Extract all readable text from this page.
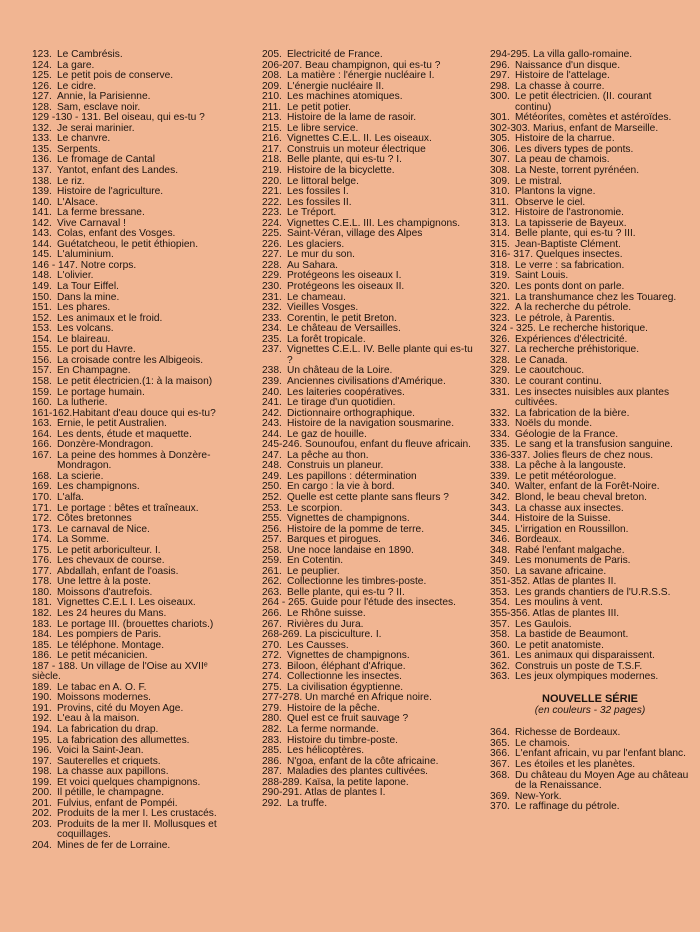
123. Le Cambrésis.
124. La gare.
125. Le petit pois de conserve.
126. Le cidre.
127. Annie, la Parisienne.
128. Sam, esclave noir.
129 -130 - 131. Bel oiseau, qui es-tu ?
132. Je serai marinier.
133. Le chanvre.
135. Serpents.
136. Le fromage de Cantal
137. Yantot, enfant des Landes.
138. Le riz.
139. Histoire de l'agriculture.
140. L'Alsace.
141. La ferme bressane.
142. Vive Carnaval !
143. Colas, enfant des Vosges.
144. Guétatcheou, le petit éthiopien.
145. L'aluminium.
146 - 147. Notre corps.
148. L'olivier.
149. La Tour Eiffel.
150. Dans la mine.
151. Les phares.
152. Les animaux et le froid.
153. Les volcans.
154. Le blaireau.
155. Le port du Havre.
156. La croisade contre les Albigeois.
157. En Champagne.
158. Le petit électricien.(1: à la maison)
159. Le portage humain.
160. La lutherie.
161-162.Habitant d'eau douce qui es-tu?
163. Ernie, le petit Australien.
164. Les dents, étude et maquette.
166. Donzère-Mondragon.
167. La peine des hommes à Donzère-Mondragon.
168. La scierie.
169. Les champignons.
170. L'alfa.
171. Le portage : bêtes et traîneaux.
172. Côtes bretonnes
173. Le carnaval de Nice.
174. La Somme.
175. Le petit arboriculteur. I.
176. Les chevaux de course.
177. Abdallah, enfant de l'oasis.
178. Une lettre à la poste.
180. Moissons d'autrefois.
181. Vignettes C.E.L I. Les oiseaux.
182. Les 24 heures du Mans.
183. Le portage III. (brouettes chariots.)
184. Les pompiers de Paris.
185. Le téléphone. Montage.
186. Le petit mécanicien.
187 - 188. Un village de l'Oise au XVIIᵉ siècle.
189. Le tabac en A. O. F.
190. Moissons modernes.
191. Provins, cité du Moyen Age.
192. L'eau à la maison.
194. La fabrication du drap.
195. La fabrication des allumettes.
196. Voici la Saint-Jean.
197. Sauterelles et criquets.
198. La chasse aux papillons.
199. Et voici quelques champignons.
200. Il pétille, le champagne.
201. Fulvius, enfant de Pompéi.
202. Produits de la mer I. Les crustacés.
203. Produits de la mer II. Mollusques et coquillages.
204. Mines de fer de Lorraine.
205. Electricité de France.
206-207. Beau champignon, qui es-tu ?
208. La matière : l'énergie nucléaire I.
209. L'énergie nucléaire II.
210. Les machines atomiques.
211. Le petit potier.
213. Histoire de la lame de rasoir.
215. Le libre service.
216. Vignettes C.E.L. II. Les oiseaux.
217. Construis un moteur électrique
218. Belle plante, qui es-tu ? I.
219. Histoire de la bicyclette.
220. Le littoral belge.
221. Les fossiles I.
222. Les fossiles II.
223. Le Tréport.
224. Vignettes C.E.L. III. Les champignons.
225. Saint-Véran, village des Alpes
226. Les glaciers.
227. Le mur du son.
228. Au Sahara.
229. Protégeons les oiseaux I.
230. Protégeons les oiseaux II.
231. Le chameau.
232. Vieilles Vosges.
233. Corentin, le petit Breton.
234. Le château de Versailles.
235. La forêt tropicale.
237. Vignettes C.E.L. IV. Belle plante qui es-tu ?
238. Un château de la Loire.
239. Anciennes civilisations d'Amérique.
240. Les laiteries coopératives.
241. Le tirage d'un quotidien.
242. Dictionnaire orthographique.
243. Histoire de la navigation sousmarine.
244. Le gaz de houille.
245-246. Sounoufou, enfant du fleuve africain.
247. La pêche au thon.
248. Construis un planeur.
249. Les papillons : détermination
250. En cargo : la vie à bord.
252. Quelle est cette plante sans fleurs ?
253. Le scorpion.
255. Vignettes de champignons.
256. Histoire de la pomme de terre.
257. Barques et pirogues.
258. Une noce landaise en 1890.
259. En Cotentin.
261. Le peuplier.
262. Collectionne les timbres-poste.
263. Belle plante, qui es-tu ? II.
264 - 265. Guide pour l'étude des insectes.
266. Le Rhône suisse.
267. Rivières du Jura.
268-269. La pisciculture. I.
270. Les Causses.
272. Vignettes de champignons.
273. Biloon, éléphant d'Afrique.
274. Collectionne les insectes.
275. La civilisation égyptienne.
277-278. Un marché en Afrique noire.
279. Histoire de la pêche.
280. Quel est ce fruit sauvage ?
282. La ferme normande.
283. Histoire du timbre-poste.
285. Les hélicoptères.
286. N'goa, enfant de la côte africaine.
287. Maladies des plantes cultivées.
288-289. Kaïsa, la petite lapone.
290-291. Atlas de plantes I.
292. La truffe.
294-295. La villa gallo-romaine.
296. Naissance d'un disque.
297. Histoire de l'attelage.
298. La chasse à courre.
300. Le petit électricien. (II. courant continu)
301. Météorites, comètes et astéroïdes.
302-303. Marius, enfant de Marseille.
305. Histoire de la charrue.
306. Les divers types de ponts.
307. La peau de chamois.
308. La Neste, torrent pyrénéen.
309. Le mistral.
310. Plantons la vigne.
311. Observe le ciel.
312. Histoire de l'astronomie.
313. La tapisserie de Bayeux.
314. Belle plante, qui es-tu ? III.
315. Jean-Baptiste Clément.
316- 317. Quelques insectes.
318. Le verre : sa fabrication.
319. Saint Louis.
320. Les ponts dont on parle.
321. La transhumance chez les Touareg.
322. A la recherche du pétrole.
323. Le pétrole, à Parentis.
324 - 325. Le recherche historique.
326. Expériences d'électricité.
327. La recherche préhistorique.
328. Le Canada.
329. Le caoutchouc.
330. Le courant continu.
331. Les insectes nuisibles aux plantes cultivées.
332. La fabrication de la bière.
333. Noëls du monde.
334. Géologie de la France.
335. Le sang et la transfusion sanguine.
336-337. Jolies fleurs de chez nous.
338. La pêche à la langouste.
339. Le petit météorologue.
340. Walter, enfant de la Forêt-Noire.
342. Blond, le beau cheval breton.
343. La chasse aux insectes.
344. Histoire de la Suisse.
345. L'irrigation en Roussillon.
346. Bordeaux.
348. Rabé l'enfant malgache.
349. Les monuments de Paris.
350. La savane africaine.
351-352. Atlas de plantes II.
353. Les grands chantiers de l'U.R.S.S.
354. Les moulins à vent.
355-356. Atlas de plantes III.
357. Les Gaulois.
358. La bastide de Beaumont.
360. Le petit anatomiste.
361. Les animaux qui disparaissent.
362. Construis un poste de T.S.F.
363. Les jeux olympiques modernes.
NOUVELLE SÉRIE
(en couleurs - 32 pages)
364. Richesse de Bordeaux.
365. Le chamois.
366. L'enfant africain, vu par l'enfant blanc.
367. Les étoiles et les planètes.
368. Du château du Moyen Age au château de la Renaissance.
369. New-York.
370. Le raffinage du pétrole.
